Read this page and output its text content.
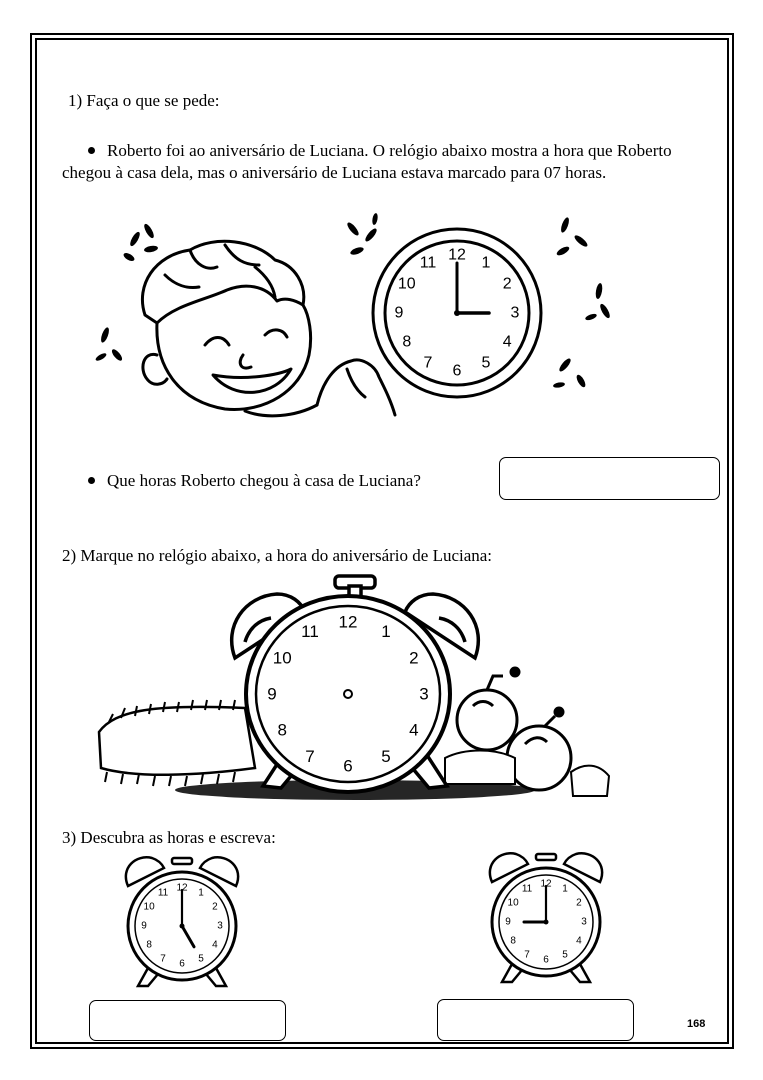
1) Faça o que se pede:
Roberto foi ao aniversário de Luciana. O relógio abaixo mostra a hora que Roberto chegou à casa dela, mas o aniversário de Luciana estava marcado para 07 horas.
12 1
2
3
4
5
6
7
8
9
10
11
Que horas Roberto chegou à casa de Luciana?
2) Marque no relógio abaixo, a hora do aniversário de Luciana:
12
1
2
3
4
5
6
7
8
9
10
11
3) Descubra as horas e escreva:
12 1
2
3
4
5
6
7
8
9
10
11
12 1
2
3
4
5
6
7
8
9
10
11
168
